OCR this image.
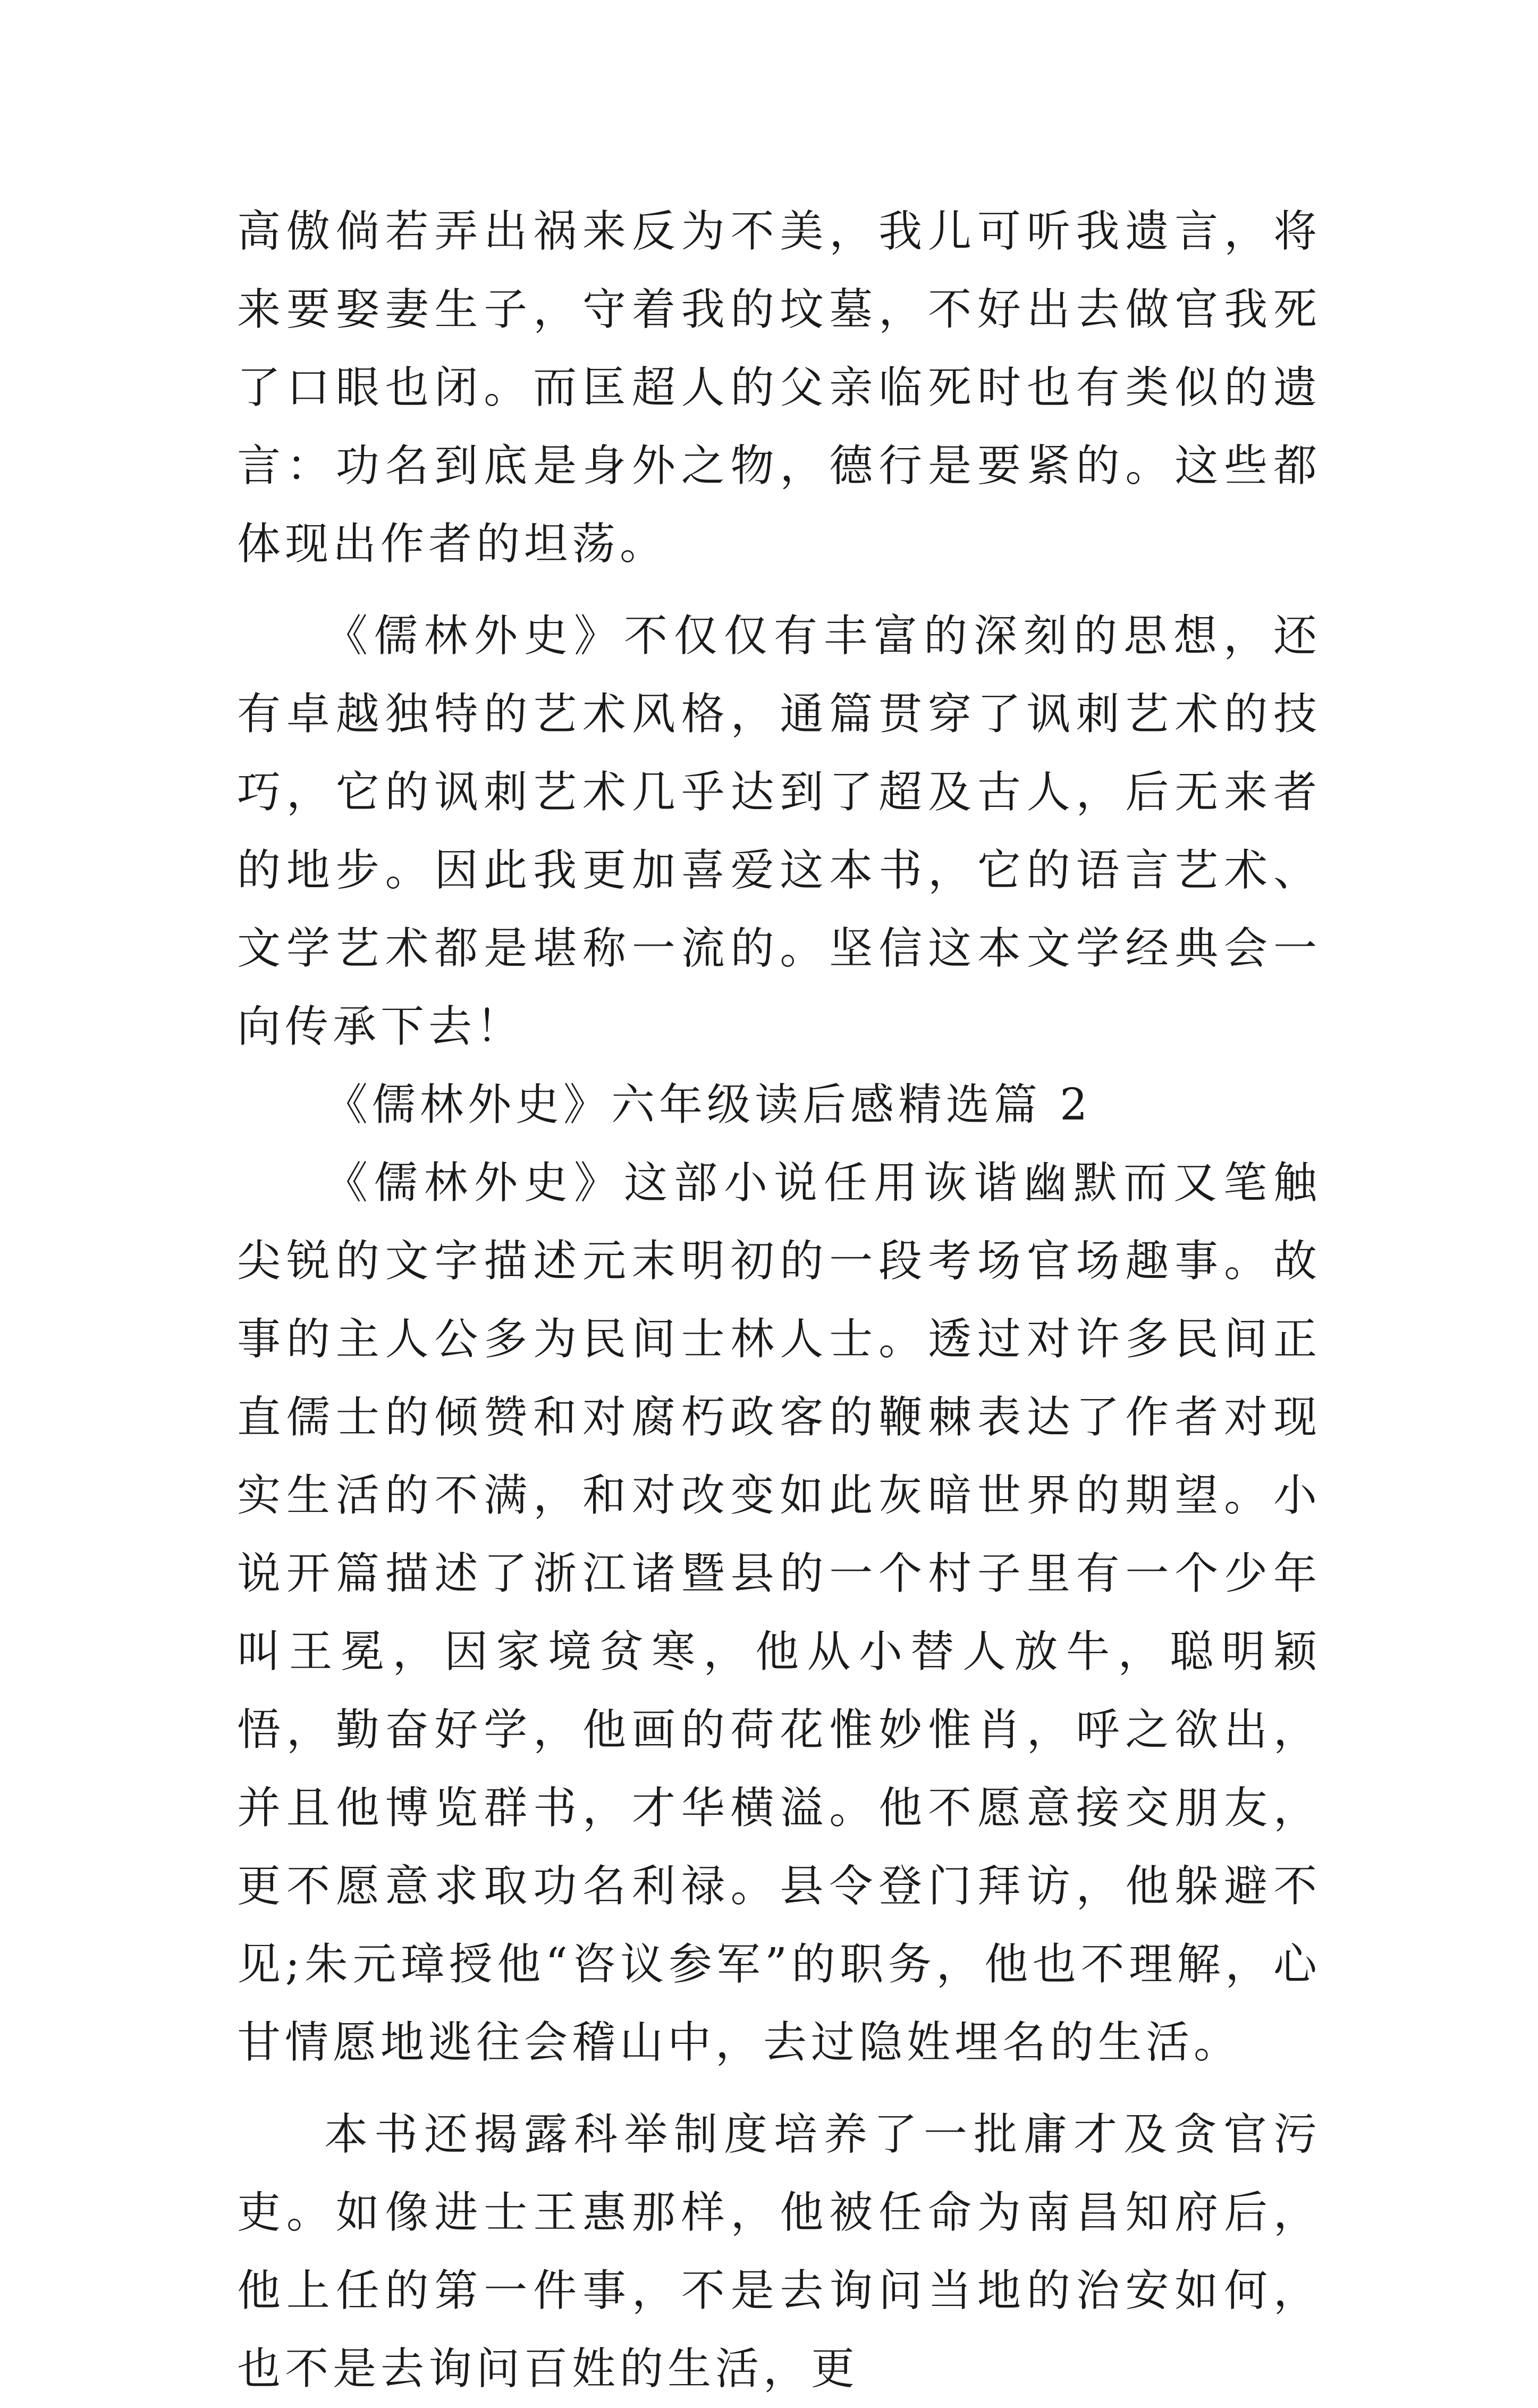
高傲倘若弄出祸来反为不美，我儿可听我遗言，将来要娶妻生子，守着我的坟墓，不好出去做官我死了口眼也闭。而匡超人的父亲临死时也有类似的遗言：功名到底是身外之物，德行是要紧的。这些都体现出作者的坦荡。

《儒林外史》不仅仅有丰富的深刻的思想，还有卓越独特的艺术风格，通篇贯穿了讽刺艺术的技巧，它的讽刺艺术几乎达到了超及古人，后无来者的地步。因此我更加喜爱这本书，它的语言艺术、文学艺术都是堪称一流的。坚信这本文学经典会一向传承下去！

《儒林外史》六年级读后感精选篇 2

《儒林外史》这部小说任用诙谐幽默而又笔触尖锐的文字描述元末明初的一段考场官场趣事。故事的主人公多为民间士林人士。透过对许多民间正直儒士的倾赞和对腐朽政客的鞭棘表达了作者对现实生活的不满，和对改变如此灰暗世界的期望。小说开篇描述了浙江诸暨县的一个村子里有一个少年叫王冕，因家境贫寒，他从小替人放牛，聪明颖悟，勤奋好学，他画的荷花惟妙惟肖，呼之欲出，并且他博览群书，才华横溢。他不愿意接交朋友，更不愿意求取功名利禄。县令登门拜访，他躲避不见;朱元璋授他“咨议参军”的职务，他也不理解，心甘情愿地逃往会稽山中，去过隐姓埋名的生活。

本书还揭露科举制度培养了一批庸才及贪官污吏。如像进士王惠那样，他被任命为南昌知府后，他上任的第一件事，不是去询问当地的治安如何，也不是去询问百姓的生活，更
